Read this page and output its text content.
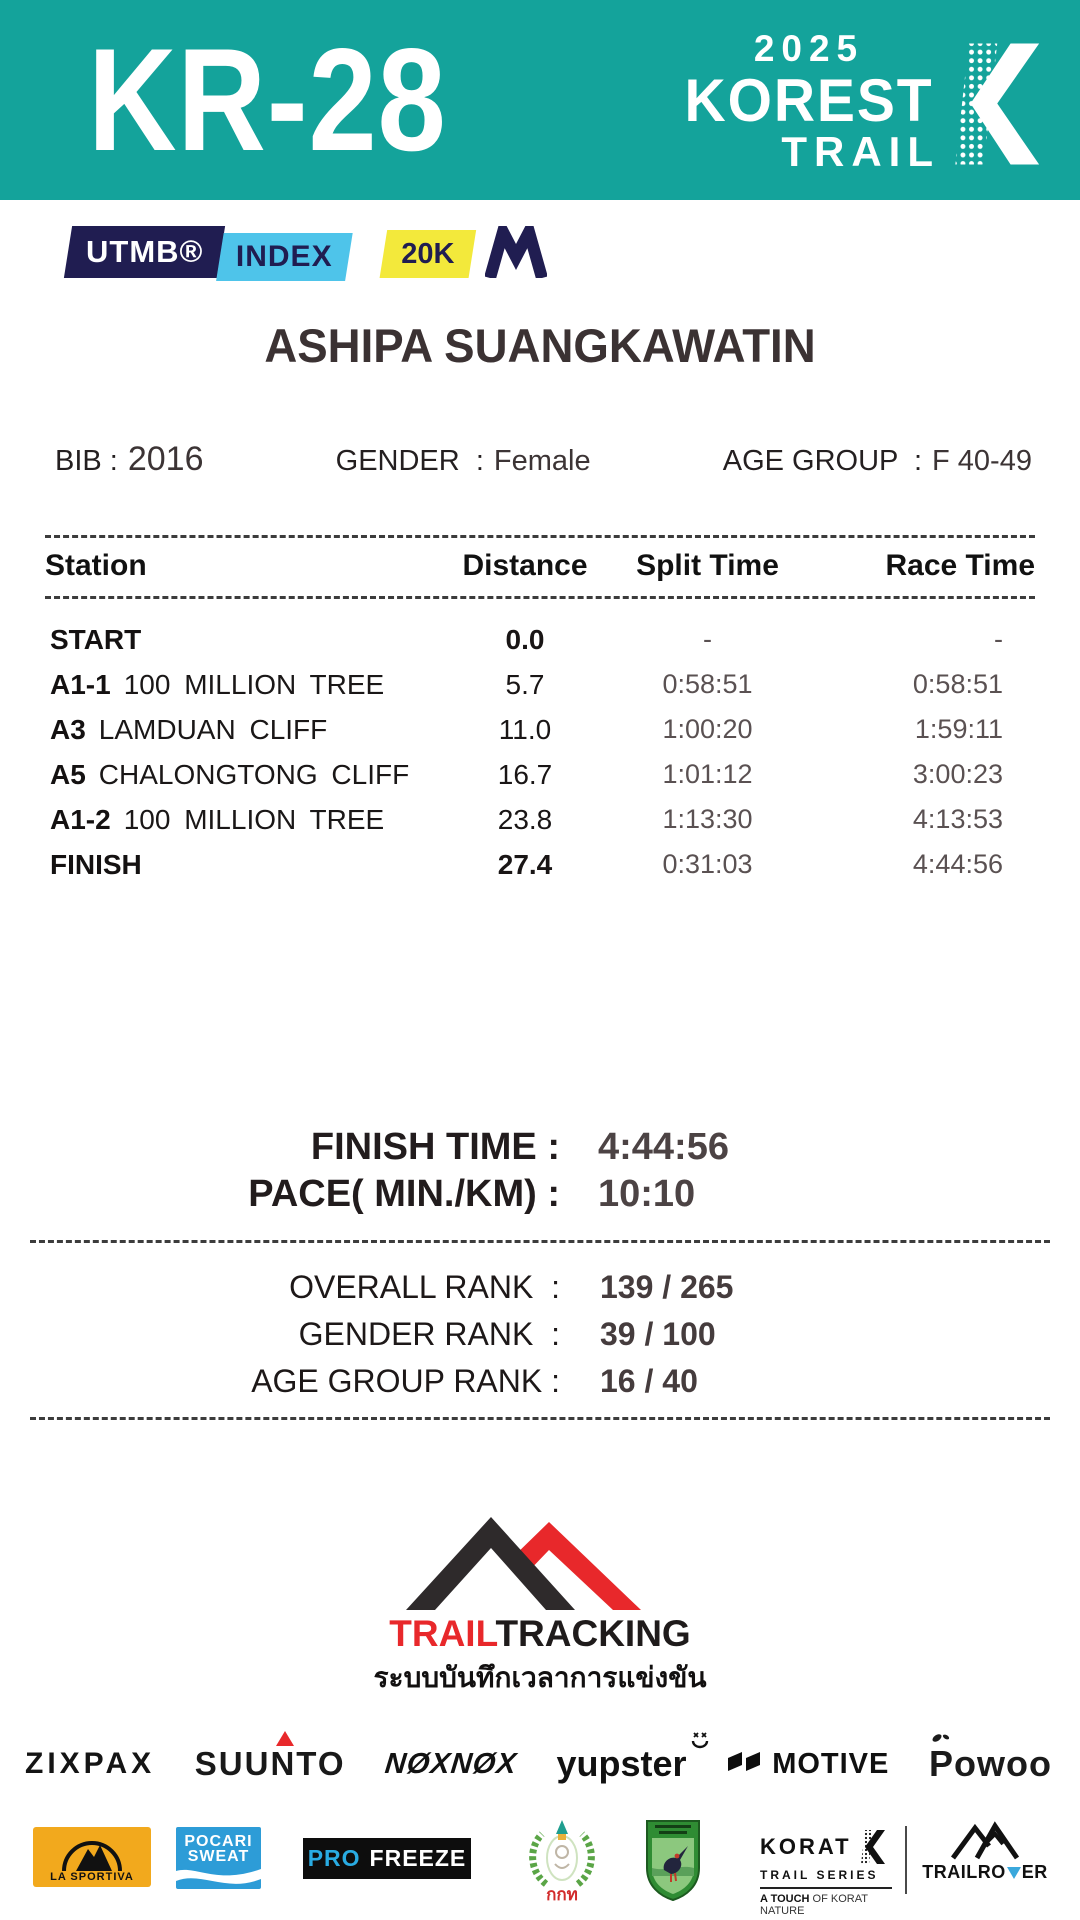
KR-28	2025
KOREST
TRAIL
UTMB® INDEX 20K
ASHIPA SUANGKAWATIN
BIB : 2016	GENDER  : Female	AGE GROUP  : F 40-49
Station	Distance	Split Time	Race Time
START	0.0	-	-
A1-1 100 MILLION TREE	5.7	0:58:51	0:58:51
A3 LAMDUAN CLIFF	11.0	1:00:20	1:59:11
A5 CHALONGTONG CLIFF	16.7	1:01:12	3:00:23
A1-2 100 MILLION TREE	23.8	1:13:30	4:13:53
FINISH	27.4	0:31:03	4:44:56
FINISH TIME : 4:44:56
PACE( MIN./KM) : 10:10
OVERALL RANK  : 139 / 265
GENDER RANK  : 39 / 100
AGE GROUP RANK : 16 / 40
TRAILTRACKING
ระบบบันทึกเวลาการแข่งขัน
ZIXPAX SUUNTO NØXNØX yupster	MOTIVE Powoo
LA SPORTIVA
POCARI
SWEAT	PRO FREEZE
กกท
KORAT
TRAIL SERIES
A TOUCH OF KORAT NATURE
TRAILRO ER
